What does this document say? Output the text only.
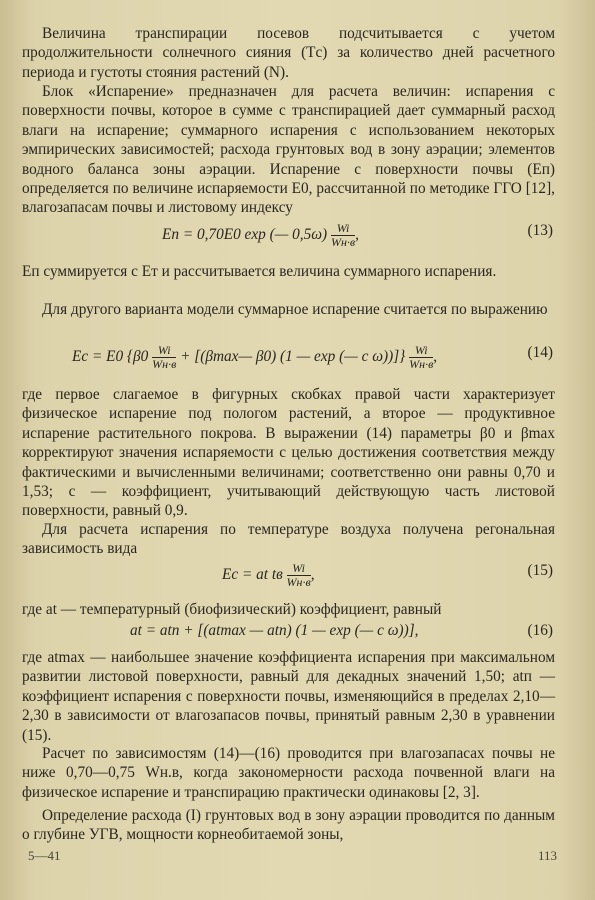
Величина транспирации посевов подсчитывается с учетом продолжительности солнечного сияния (Tс) за количество дней расчетного периода и густоты стояния растений (N).

Блок «Испарение» предназначен для расчета величин: испарения с поверхности почвы, которое в сумме с транспирацией дает суммарный расход влаги на испарение; суммарного испарения с использованием некоторых эмпирических зависимостей; расхода грунтовых вод в зону аэрации; элементов водного баланса зоны аэрации. Испарение с поверхности почвы (Eп) определяется по величине испаряемости E0, рассчитанной по методике ГГО [12], влагозапасам почвы и листовому индексу

Eп = 0,70E0 exp (— 0,5ω) Wi
Wн·в ,	(13)

Eп суммируется с Eт и рассчитывается величина суммарного испарения.

Для другого варианта модели суммарное испарение считается по выражению

Eс = E0 {β0 Wi
Wн·в + [(βmax— β0) (1 — exp (— c ω))]} Wi
Wн·в ,	(14)

где первое слагаемое в фигурных скобках правой части характеризует физическое испарение под пологом растений, а второе — продуктивное испарение растительного покрова. В выражении (14) параметры β0 и βmax корректируют значения испаряемости с целью достижения соответствия между фактическими и вычисленными величинами; соответственно они равны 0,70 и 1,53; c — коэффициент, учитывающий действующую часть листовой поверхности, равный 0,9.

Для расчета испарения по температуре воздуха получена регональная зависимость вида

Eс = at tв Wi
Wн·в ,	(15)

где at — температурный (биофизический) коэффициент, равный

at = atп + [(atmax — atп) (1 — exp (— c ω))],	(16)

где atmax — наибольшее значение коэффициента испарения при максимальном развитии листовой поверхности, равный для декадных значений 1,50; atп — коэффициент испарения с поверхности почвы, изменяющийся в пределах 2,10—2,30 в зависимости от влагозапасов почвы, принятый равным 2,30 в уравнении (15).

Расчет по зависимостям (14)—(16) проводится при влагозапасах почвы не ниже 0,70—0,75 Wн.в, когда закономерности расхода почвенной влаги на физическое испарение и транспирацию практически одинаковы [2, 3].

Определение расхода (I) грунтовых вод в зону аэрации проводится по данным о глубине УГВ, мощности корнеобитаемой зоны,

5—41	113
